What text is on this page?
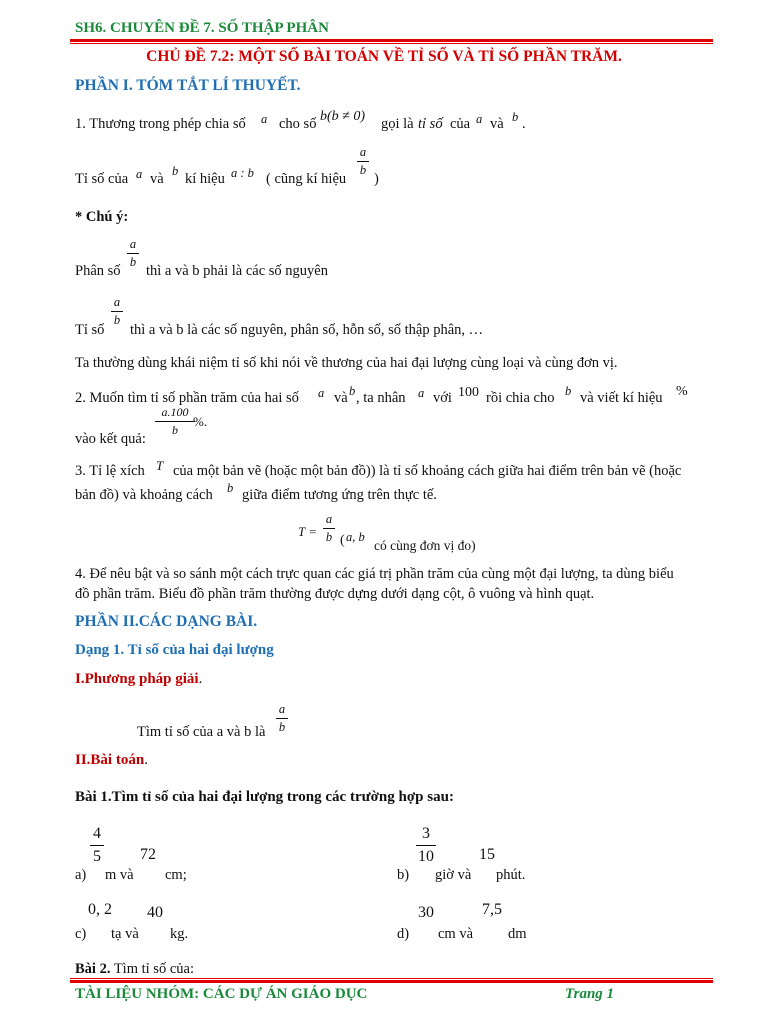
SH6. CHUYÊN ĐỀ 7. SỐ THẬP PHÂN
CHỦ ĐỀ 7.2: MỘT SỐ BÀI TOÁN VỀ TỈ SỐ VÀ TỈ SỐ PHẦN TRĂM.
PHẦN I. TÓM TẮT LÍ THUYẾT.
1. Thương trong phép chia số a cho số b(b ≠ 0) gọi là tỉ số của a và b .
Tỉ số của a và b kí hiệu a : b ( cũng kí hiệu
a
b
)
* Chú ý:
Phân số
a
b
thì a và b phải là các số nguyên
Tỉ số
a
b
thì a và b là các số nguyên, phân số, hỗn số, số thập phân, …
Ta thường dùng khái niệm tỉ số khi nói về thương của hai đại lượng cùng loại và cùng đơn vị.
2. Muốn tìm tỉ số phần trăm của hai số a và b , ta nhân a với 100 rồi chia cho b và viết kí hiệu %
vào kết quả:
a.100
b
%.
3. Tỉ lệ xích T của một bản vẽ (hoặc một bản đồ)) là tỉ số khoảng cách giữa hai điểm trên bản vẽ (hoặc
bản đồ) và khoảng cách b giữa điểm tương ứng trên thực tế.
T =
a
b ( a, b
có cùng đơn vị đo)
4. Để nêu bật và so sánh một cách trực quan các giá trị phần trăm của cùng một đại lượng, ta dùng biểu
đồ phần trăm. Biểu đồ phần trăm thường được dựng dưới dạng cột, ô vuông và hình quạt.
PHẦN II.CÁC DẠNG BÀI.
Dạng 1. Tỉ số của hai đại lượng
I.Phương pháp giải.
Tìm tỉ số của a và b là
a
b
II.Bài toán.
Bài 1.Tìm tỉ số của hai đại lượng trong các trường hợp sau:
4
5 72
a) m và cm;
3
10	15
b) giờ và phút.
0, 2 40
c) tạ và kg.
30	7,5
d) cm và dm
Bài 2. Tìm tỉ số của:
TÀI LIỆU NHÓM: CÁC DỰ ÁN GIÁO DỤC	Trang 1
